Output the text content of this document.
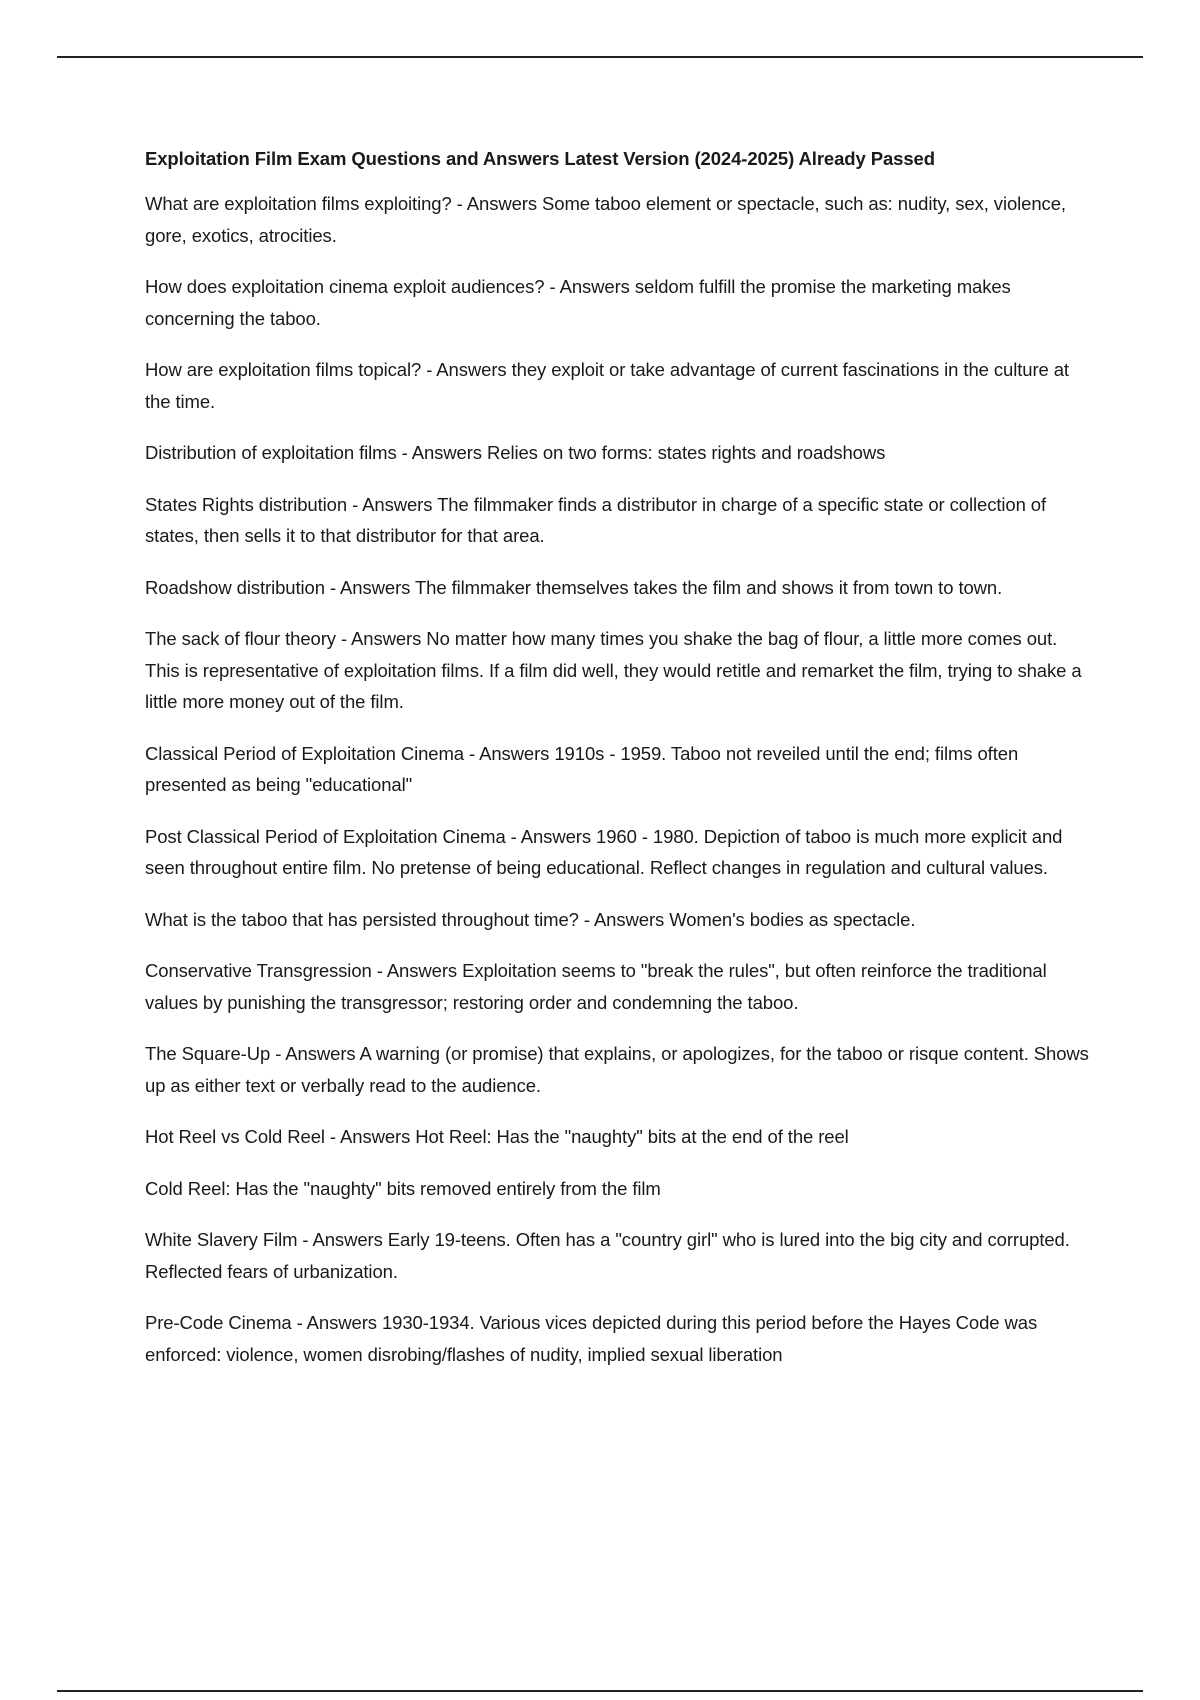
Exploitation Film Exam Questions and Answers Latest Version (2024-2025) Already Passed

What are exploitation films exploiting? - Answers Some taboo element or spectacle, such as: nudity, sex, violence, gore, exotics, atrocities.

How does exploitation cinema exploit audiences? - Answers seldom fulfill the promise the marketing makes concerning the taboo.

How are exploitation films topical? - Answers they exploit or take advantage of current fascinations in the culture at the time.

Distribution of exploitation films - Answers Relies on two forms: states rights and roadshows

States Rights distribution - Answers The filmmaker finds a distributor in charge of a specific state or collection of states, then sells it to that distributor for that area.

Roadshow distribution - Answers The filmmaker themselves takes the film and shows it from town to town.

The sack of flour theory - Answers No matter how many times you shake the bag of flour, a little more comes out. This is representative of exploitation films. If a film did well, they would retitle and remarket the film, trying to shake a little more money out of the film.

Classical Period of Exploitation Cinema - Answers 1910s - 1959. Taboo not reveiled until the end; films often presented as being "educational"

Post Classical Period of Exploitation Cinema - Answers 1960 - 1980. Depiction of taboo is much more explicit and seen throughout entire film. No pretense of being educational. Reflect changes in regulation and cultural values.

What is the taboo that has persisted throughout time? - Answers Women's bodies as spectacle.

Conservative Transgression - Answers Exploitation seems to "break the rules", but often reinforce the traditional values by punishing the transgressor; restoring order and condemning the taboo.

The Square-Up - Answers A warning (or promise) that explains, or apologizes, for the taboo or risque content. Shows up as either text or verbally read to the audience.

Hot Reel vs Cold Reel - Answers Hot Reel: Has the "naughty" bits at the end of the reel

Cold Reel: Has the "naughty" bits removed entirely from the film

White Slavery Film - Answers Early 19-teens. Often has a "country girl" who is lured into the big city and corrupted. Reflected fears of urbanization.

Pre-Code Cinema - Answers 1930-1934. Various vices depicted during this period before the Hayes Code was enforced: violence, women disrobing/flashes of nudity, implied sexual liberation
